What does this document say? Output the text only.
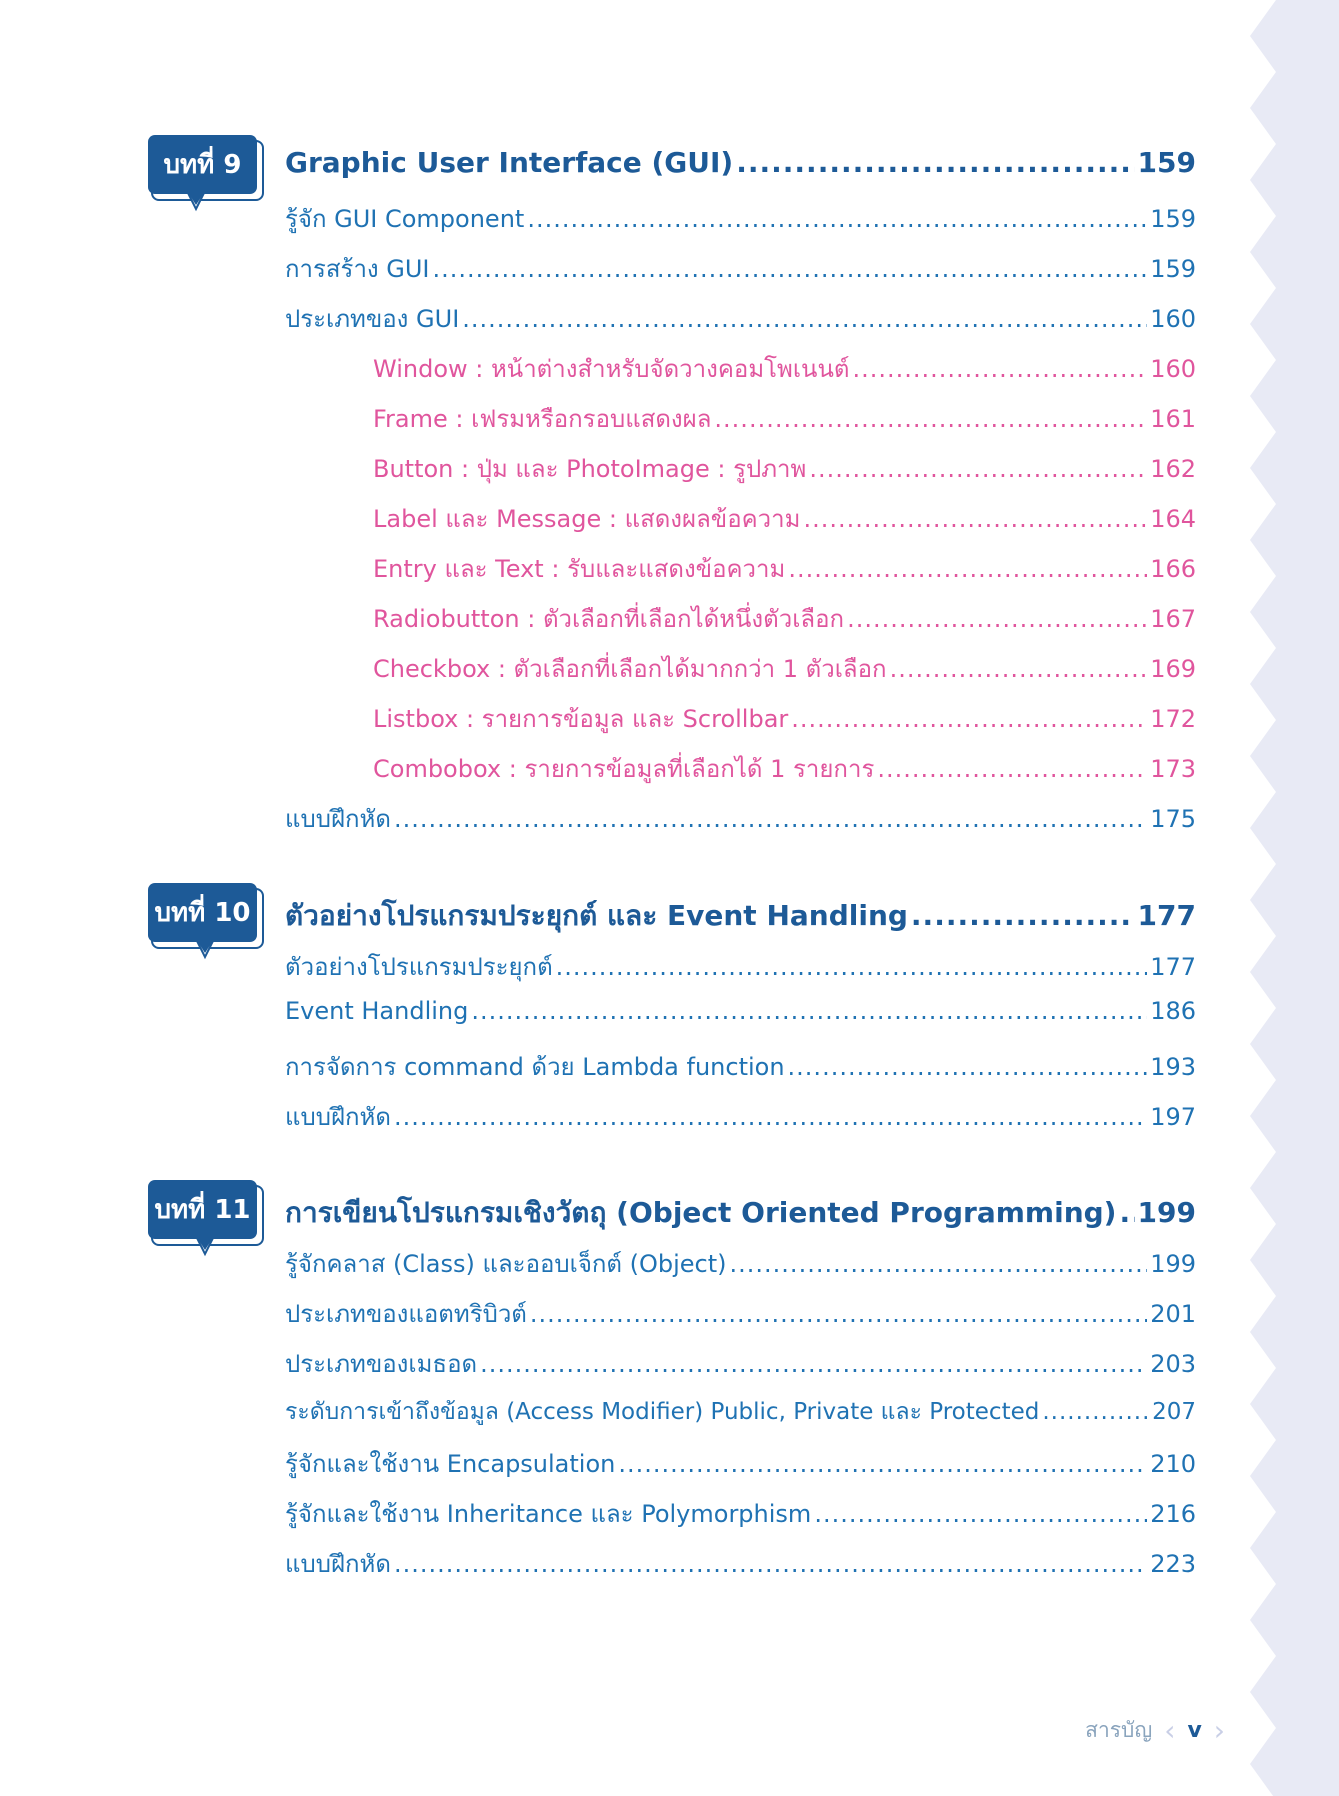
บทที่ 9	Graphic User Interface (GUI) .....	159
รู้จัก GUI Component .....	159
การสร้าง GUI .....	159
ประเภทของ GUI .....	160
Window : หน้าต่างสำหรับจัดวางคอมโพเนนต์ .....	160
Frame : เฟรมหรือกรอบแสดงผล .....	161
Button : ปุ่ม และ PhotoImage : รูปภาพ .....	162
Label และ Message : แสดงผลข้อความ .....	164
Entry และ Text : รับและแสดงข้อความ .....	166
Radiobutton : ตัวเลือกที่เลือกได้หนึ่งตัวเลือก .....	167
Checkbox : ตัวเลือกที่เลือกได้มากกว่า 1 ตัวเลือก .....	169
Listbox : รายการข้อมูล และ Scrollbar .....	172
Combobox : รายการข้อมูลที่เลือกได้ 1 รายการ .....	173
แบบฝึกหัด .....	175
บทที่ 10 ตัวอย่างโปรแกรมประยุกต์ และ Event Handling .....	177
ตัวอย่างโปรแกรมประยุกต์ .....	177
Event Handling .....	186
การจัดการ command ด้วย Lambda function .....	193
แบบฝึกหัด .....	197
บทที่ 11 การเขียนโปรแกรมเชิงวัตถุ (Object Oriented Programming) ..... 199
รู้จักคลาส (Class) และออบเจ็กต์ (Object) .....	199
ประเภทของแอตทริบิวต์ .....	201
ประเภทของเมธอด .....	203
ระดับการเข้าถึงข้อมูล (Access Modifier) Public, Private และ Protected .....	207
รู้จักและใช้งาน Encapsulation .....	210
รู้จักและใช้งาน Inheritance และ Polymorphism .....	216
แบบฝึกหัด .....	223
สารบัญ ‹ v ›
